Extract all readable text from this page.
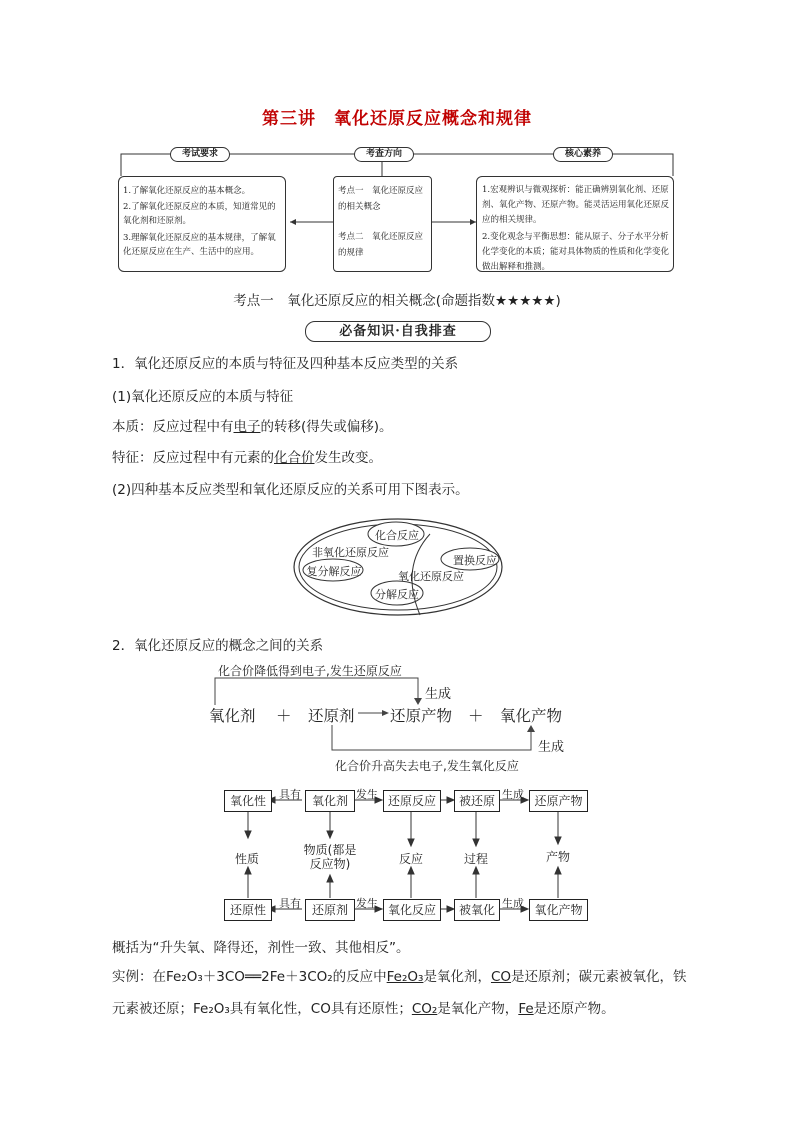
第三讲　氧化还原反应概念和规律
考试要求	考查方向	核心素养
1.了解氧化还原反应的基本概念。
2.了解氧化还原反应的本质，知道常见的氧化剂和还原剂。
3.理解氧化还原反应的基本规律，了解氧化还原反应在生产、生活中的应用。
考点一　氧化还原反应的相关概念
考点二　氧化还原反应的规律
1.宏观辨识与微观探析：能正确辨别氧化剂、还原剂、氧化产物、还原产物。能灵活运用氧化还原反应的相关规律。
2.变化观念与平衡思想：能从原子、分子水平分析化学变化的本质；能对具体物质的性质和化学变化做出解释和推测。
考点一　氧化还原反应的相关概念(命题指数★★★★★)
必备知识·自我排查
1．氧化还原反应的本质与特征及四种基本反应类型的关系
(1)氧化还原反应的本质与特征
本质：反应过程中有电子的转移(得失或偏移)。
特征：反应过程中有元素的化合价发生改变。
(2)四种基本反应类型和氧化还原反应的关系可用下图表示。
化合反应
非氧化还原反应
复分解反应
置换反应
氧化还原反应
分解反应
2．氧化还原反应的概念之间的关系
化合价降低得到电子,发生还原反应
生成
氧化剂 ＋ 还原剂 还原产物 ＋ 氧化产物
生成
化合价升高失去电子,发生氧化反应
氧化性	氧化剂	还原反应	被还原	还原产物
具有	发生	生成
性质
物质(都是
反应物)	反应	过程	产物
还原性	还原剂	氧化反应	被氧化	氧化产物
具有	发生	生成
概括为“升失氧、降得还，剂性一致、其他相反”。
实例：在Fe₂O₃＋3CO══2Fe＋3CO₂的反应中Fe₂O₃是氧化剂，CO是还原剂；碳元素被氧化，铁
元素被还原；Fe₂O₃具有氧化性，CO具有还原性；CO₂是氧化产物，Fe是还原产物。
